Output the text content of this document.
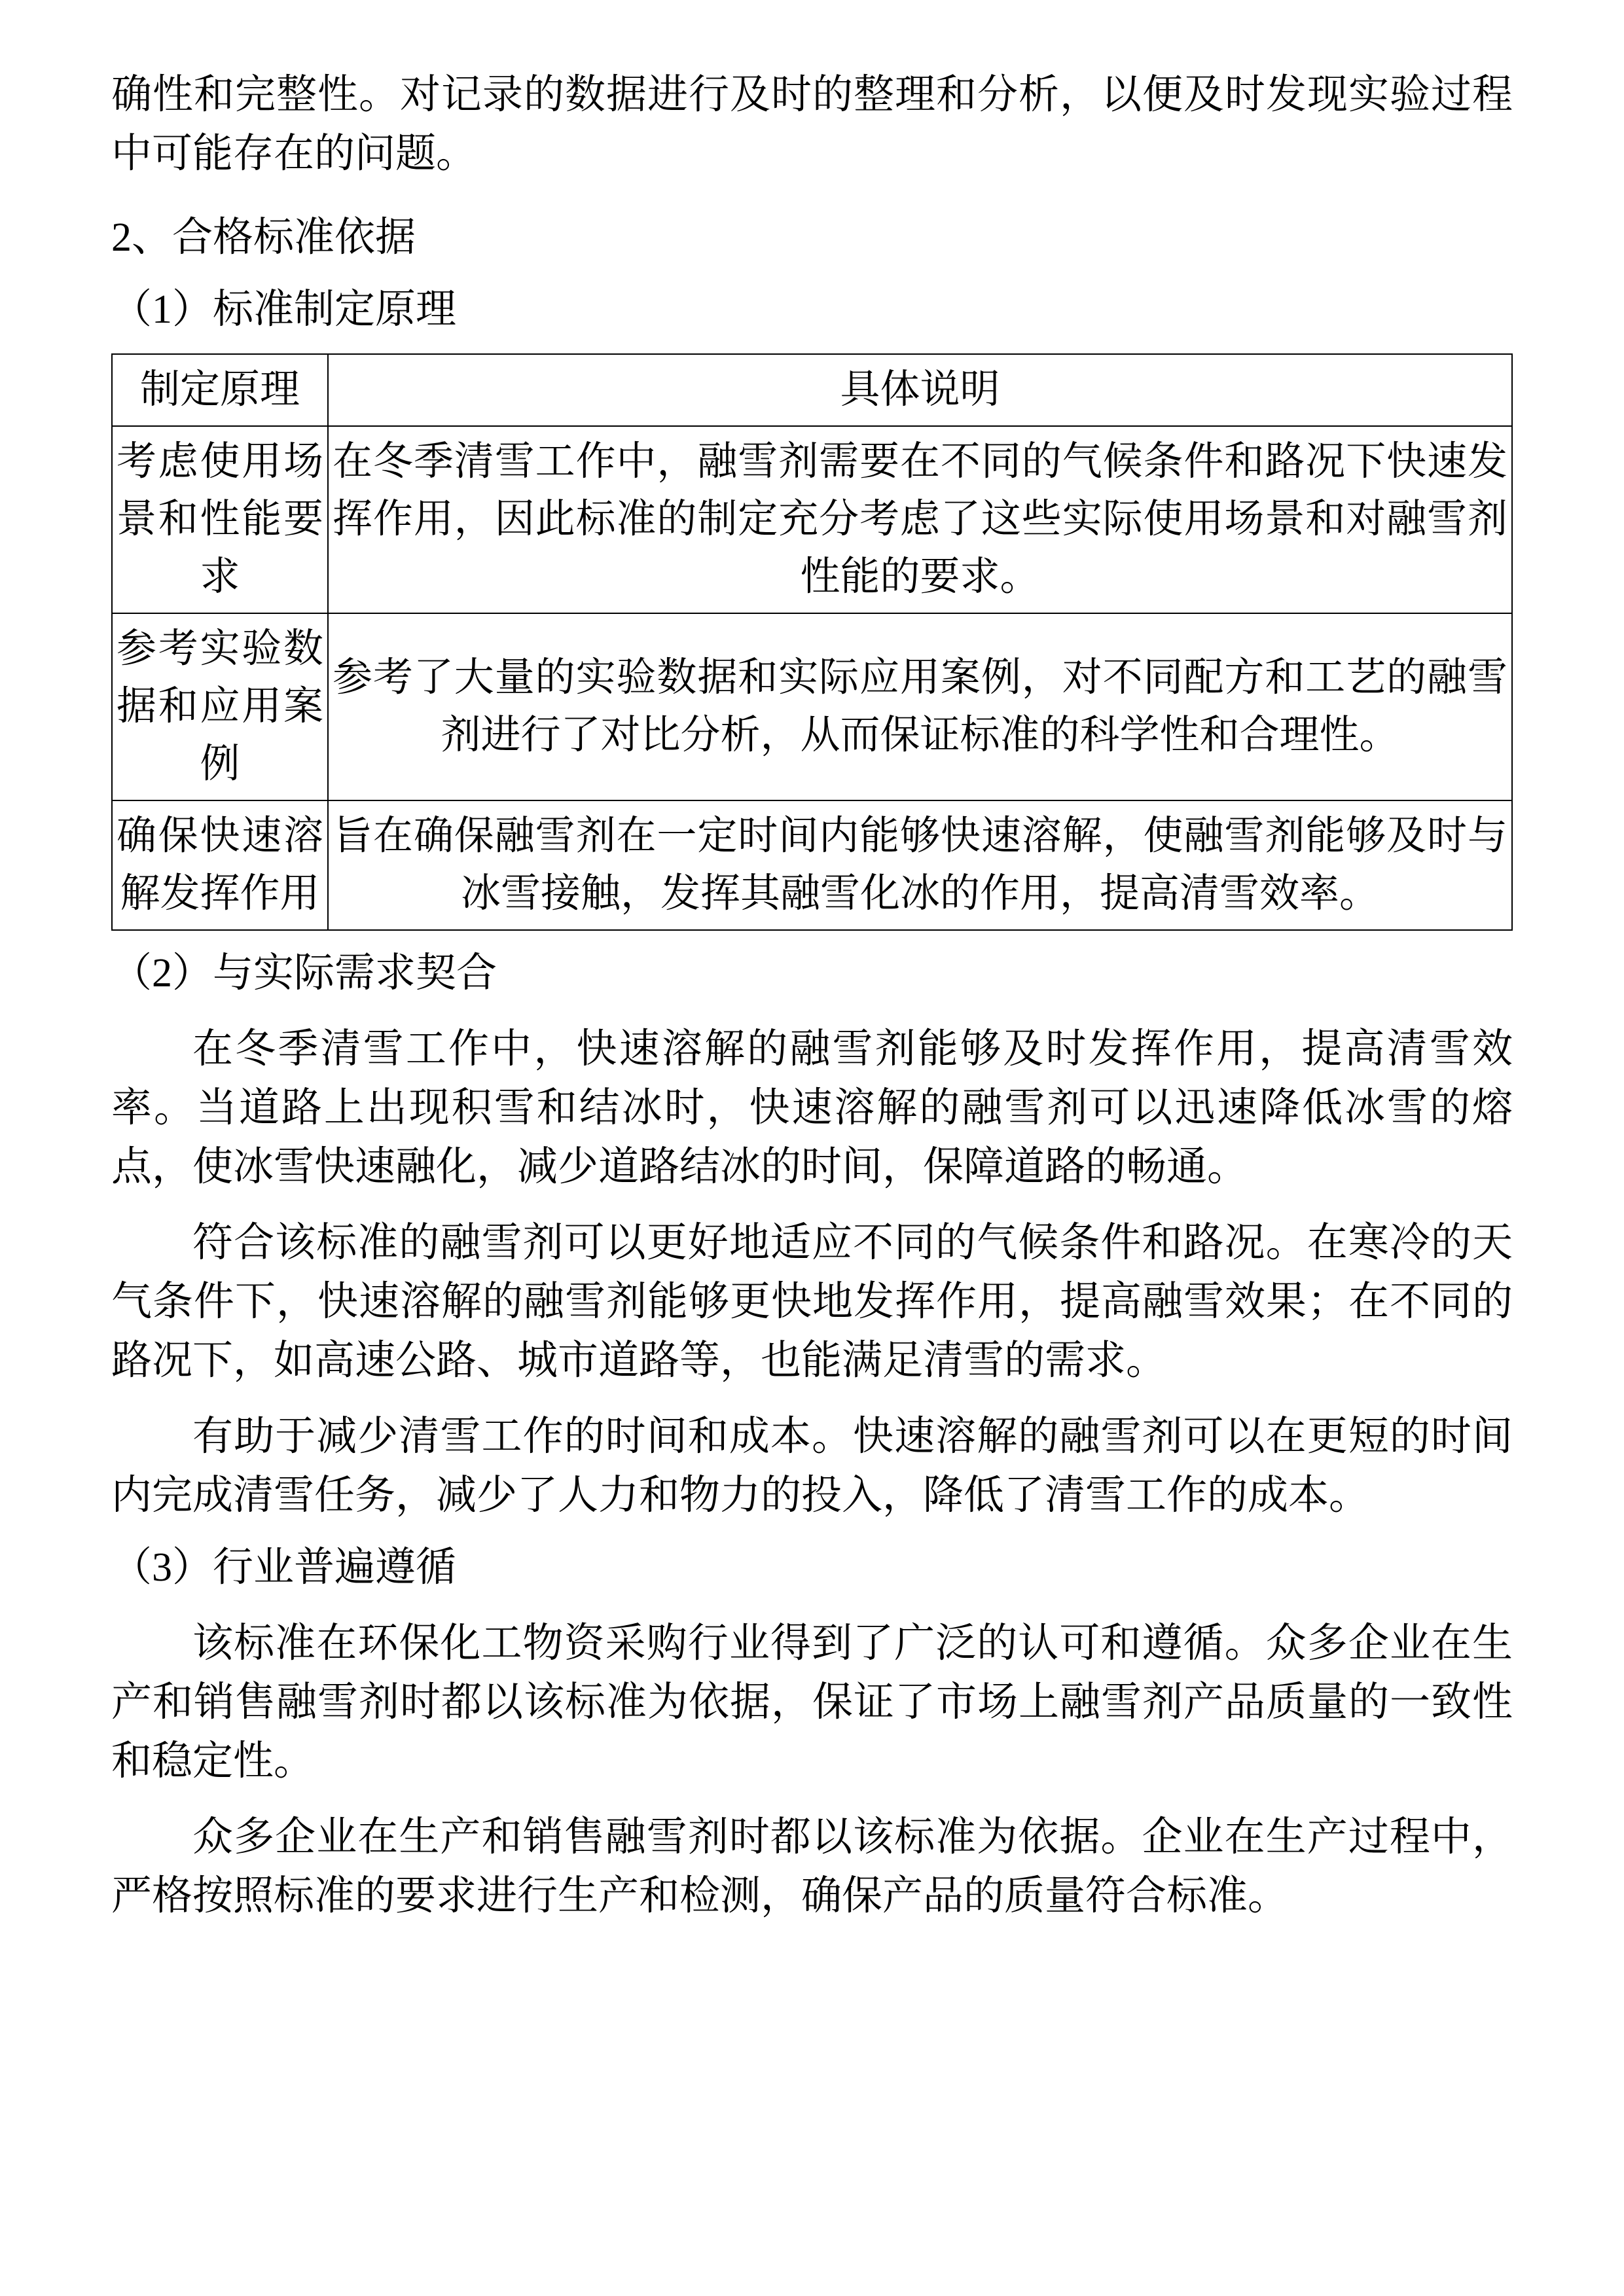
确性和完整性。对记录的数据进行及时的整理和分析，以便及时发现实验过程中可能存在的问题。

2、合格标准依据

（1）标准制定原理

制定原理	具体说明
考虑使用场景和性能要求	在冬季清雪工作中，融雪剂需要在不同的气候条件和路况下快速发挥作用，因此标准的制定充分考虑了这些实际使用场景和对融雪剂性能的要求。
参考实验数据和应用案例	参考了大量的实验数据和实际应用案例，对不同配方和工艺的融雪剂进行了对比分析，从而保证标准的科学性和合理性。
确保快速溶解发挥作用	旨在确保融雪剂在一定时间内能够快速溶解，使融雪剂能够及时与冰雪接触，发挥其融雪化冰的作用，提高清雪效率。

（2）与实际需求契合

在冬季清雪工作中，快速溶解的融雪剂能够及时发挥作用，提高清雪效率。当道路上出现积雪和结冰时，快速溶解的融雪剂可以迅速降低冰雪的熔点，使冰雪快速融化，减少道路结冰的时间，保障道路的畅通。

符合该标准的融雪剂可以更好地适应不同的气候条件和路况。在寒冷的天气条件下，快速溶解的融雪剂能够更快地发挥作用，提高融雪效果；在不同的路况下，如高速公路、城市道路等，也能满足清雪的需求。

有助于减少清雪工作的时间和成本。快速溶解的融雪剂可以在更短的时间内完成清雪任务，减少了人力和物力的投入，降低了清雪工作的成本。

（3）行业普遍遵循

该标准在环保化工物资采购行业得到了广泛的认可和遵循。众多企业在生产和销售融雪剂时都以该标准为依据，保证了市场上融雪剂产品质量的一致性和稳定性。

众多企业在生产和销售融雪剂时都以该标准为依据。企业在生产过程中，严格按照标准的要求进行生产和检测，确保产品的质量符合标准。
